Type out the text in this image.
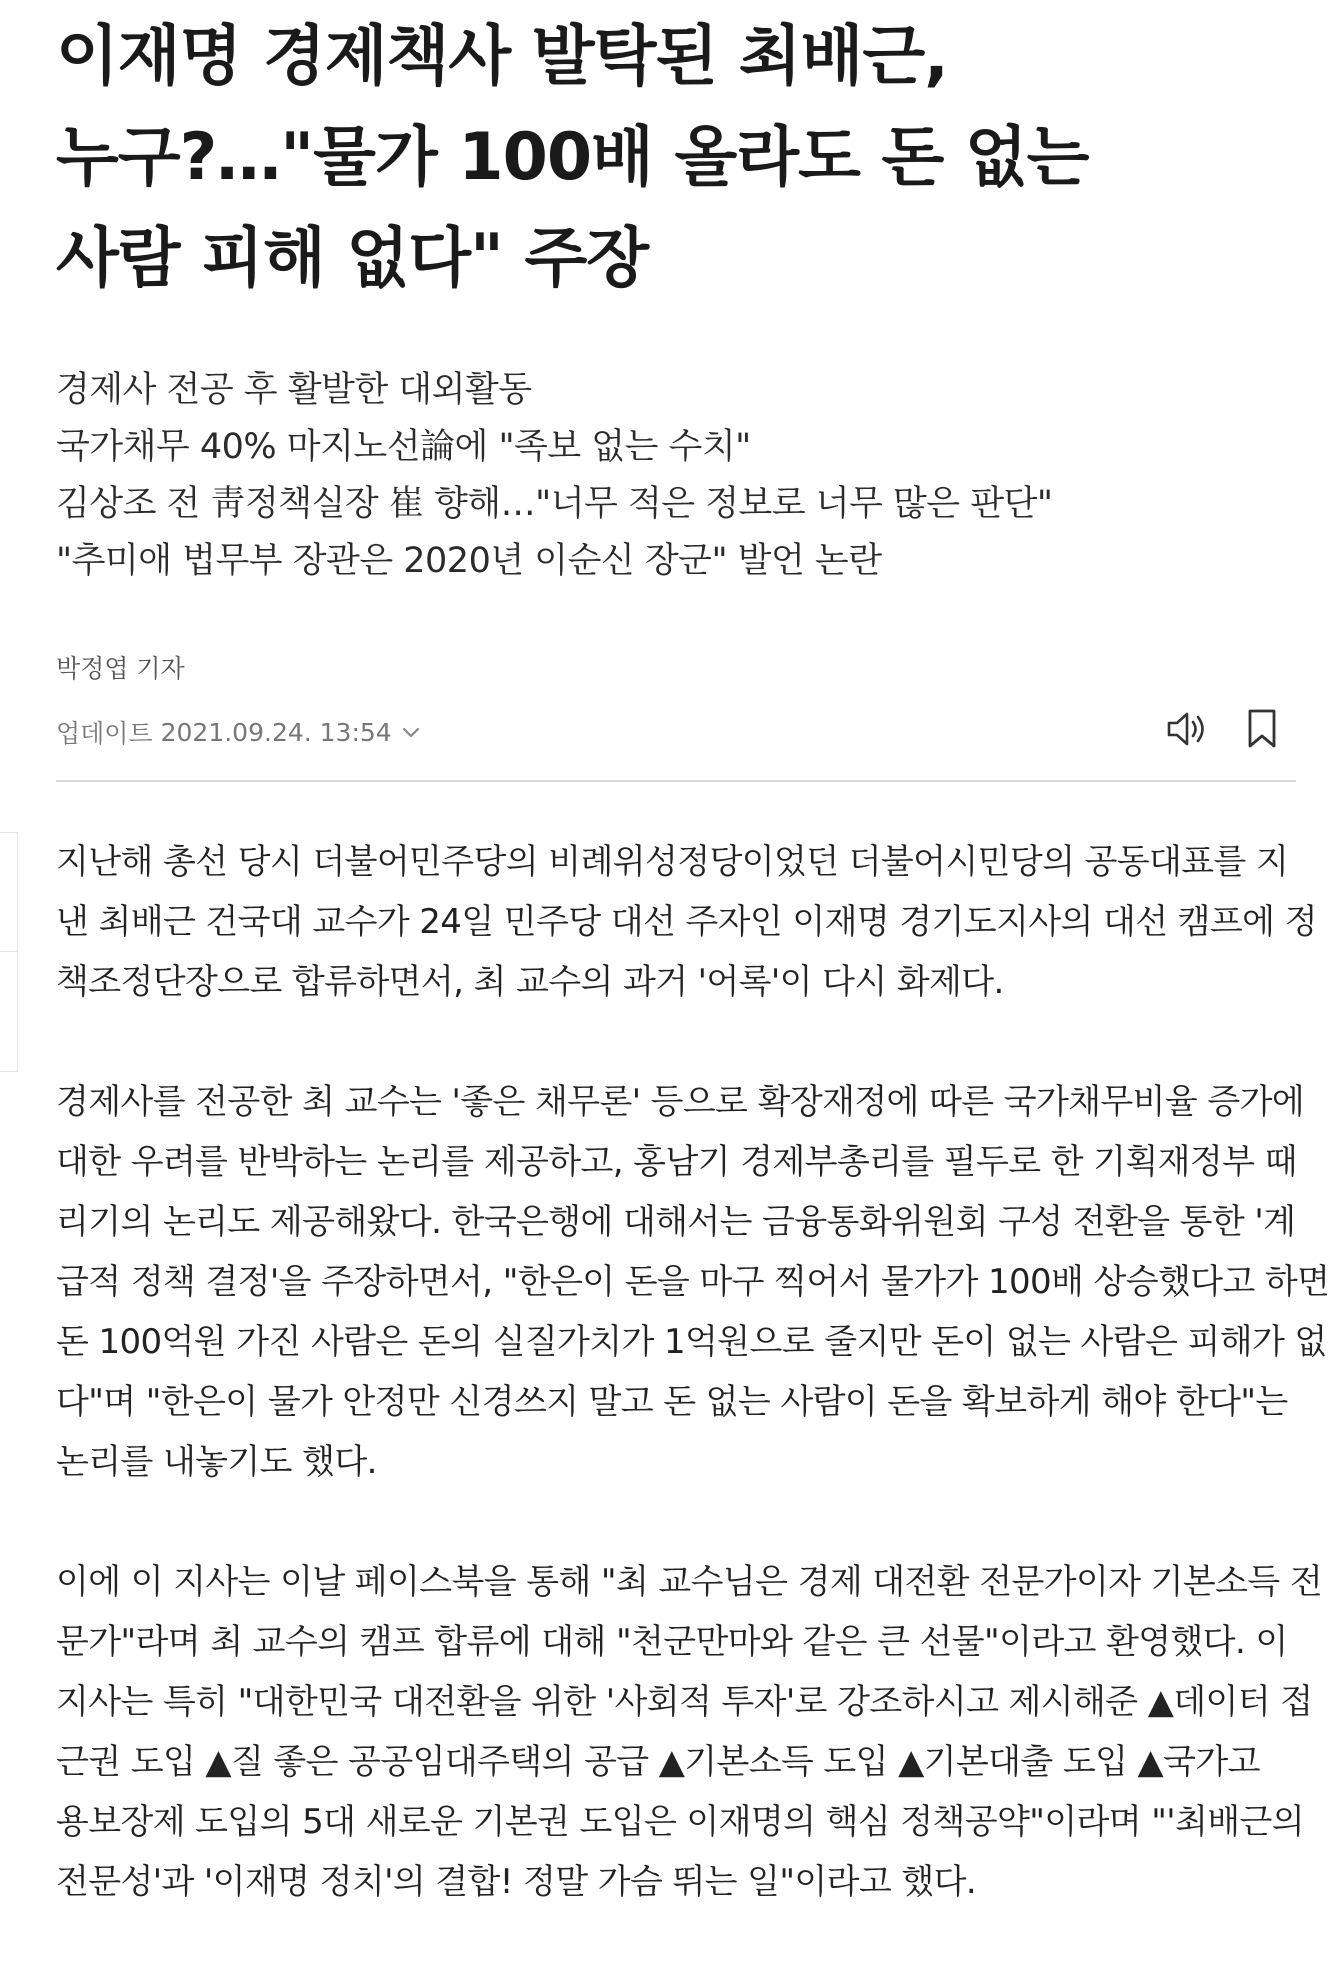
이재명 경제책사 발탁된 최배근,
누구?…"물가 100배 올라도 돈 없는
사람 피해 없다" 주장
경제사 전공 후 활발한 대외활동
국가채무 40% 마지노선論에 "족보 없는 수치"
김상조 전 靑정책실장 崔 향해…"너무 적은 정보로 너무 많은 판단"
"추미애 법무부 장관은 2020년 이순신 장군" 발언 논란
박정엽 기자
업데이트 2021.09.24. 13:54

지난해 총선 당시 더불어민주당의 비례위성정당이었던 더불어시민당의 공동대표를 지
낸 최배근 건국대 교수가 24일 민주당 대선 주자인 이재명 경기도지사의 대선 캠프에 정
책조정단장으로 합류하면서, 최 교수의 과거 '어록'이 다시 화제다.

경제사를 전공한 최 교수는 '좋은 채무론' 등으로 확장재정에 따른 국가채무비율 증가에
대한 우려를 반박하는 논리를 제공하고, 홍남기 경제부총리를 필두로 한 기획재정부 때
리기의 논리도 제공해왔다. 한국은행에 대해서는 금융통화위원회 구성 전환을 통한 '계
급적 정책 결정'을 주장하면서, "한은이 돈을 마구 찍어서 물가가 100배 상승했다고 하면
돈 100억원 가진 사람은 돈의 실질가치가 1억원으로 줄지만 돈이 없는 사람은 피해가 없
다"며 "한은이 물가 안정만 신경쓰지 말고 돈 없는 사람이 돈을 확보하게 해야 한다"는
논리를 내놓기도 했다.

이에 이 지사는 이날 페이스북을 통해 "최 교수님은 경제 대전환 전문가이자 기본소득 전
문가"라며 최 교수의 캠프 합류에 대해 "천군만마와 같은 큰 선물"이라고 환영했다. 이
지사는 특히 "대한민국 대전환을 위한 '사회적 투자'로 강조하시고 제시해준 ▲데이터 접
근권 도입 ▲질 좋은 공공임대주택의 공급 ▲기본소득 도입 ▲기본대출 도입 ▲국가고
용보장제 도입의 5대 새로운 기본권 도입은 이재명의 핵심 정책공약"이라며 "'최배근의
전문성'과 '이재명 정치'의 결합! 정말 가슴 뛰는 일"이라고 했다.
